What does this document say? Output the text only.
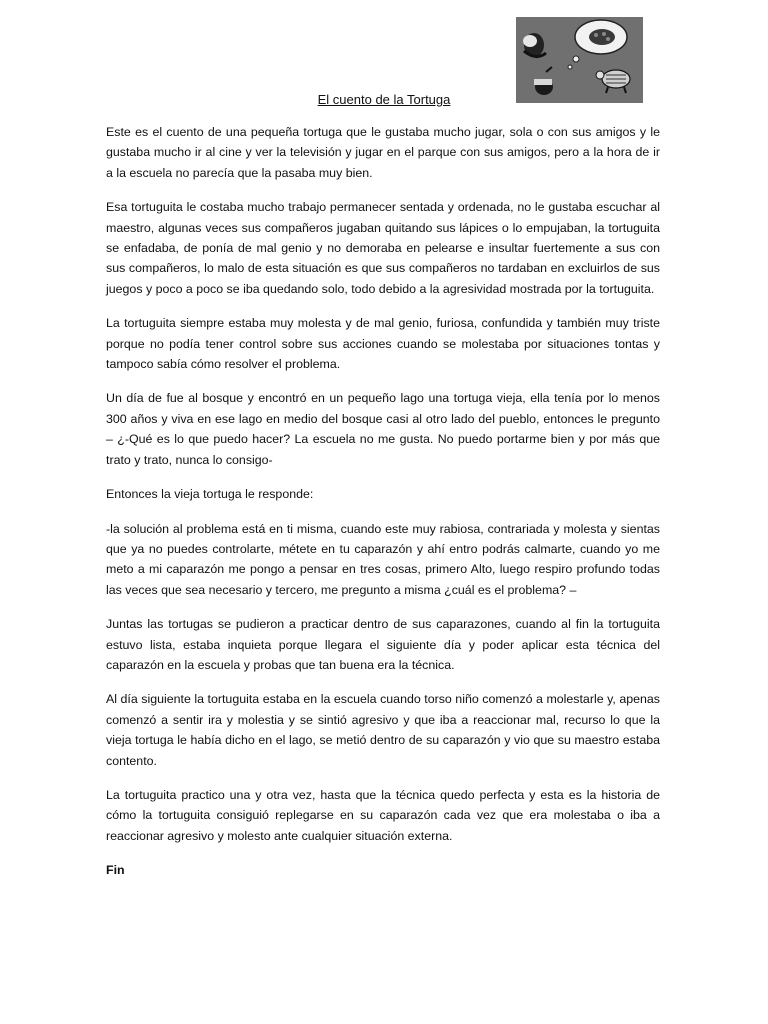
El cuento de la Tortuga

Este es el cuento de una pequeña tortuga que le gustaba mucho jugar, sola o con sus amigos y le gustaba mucho ir al cine y ver la televisión y jugar en el parque con sus amigos, pero a la hora de ir a la escuela no parecía que la pasaba muy bien.

Esa tortuguita le costaba mucho trabajo permanecer sentada y ordenada, no le gustaba escuchar al maestro, algunas veces sus compañeros jugaban quitando sus lápices o lo empujaban, la tortuguita se enfadaba, de ponía de mal genio y no demoraba en pelearse e insultar fuertemente a sus con sus compañeros, lo malo de esta situación es que sus compañeros no tardaban en excluirlos de sus juegos y poco a poco se iba quedando solo, todo debido a la agresividad mostrada por la tortuguita.

La tortuguita siempre estaba muy molesta y de mal genio, furiosa, confundida y también muy triste porque no podía tener control sobre sus acciones cuando se molestaba por situaciones tontas y tampoco sabía cómo resolver el problema.

Un día de fue al bosque y encontró en un pequeño lago una tortuga vieja, ella tenía por lo menos 300 años y viva en ese lago en medio del bosque casi al otro lado del pueblo, entonces le pregunto – ¿-Qué es lo que puedo hacer? La escuela no me gusta. No puedo portarme bien y por más que trato y trato, nunca lo consigo-

Entonces la vieja tortuga le responde:

-la solución al problema está en ti misma, cuando este muy rabiosa, contrariada y molesta y sientas que ya no puedes controlarte, métete en tu caparazón y ahí entro podrás calmarte, cuando yo me meto a mi caparazón me pongo a pensar en tres cosas, primero Alto, luego respiro profundo todas las veces que sea necesario y tercero, me pregunto a misma ¿cuál es el problema? –

Juntas las tortugas se pudieron a practicar dentro de sus caparazones, cuando al fin la tortuguita estuvo lista, estaba inquieta porque llegara el siguiente día y poder aplicar esta técnica del caparazón en la escuela y probas que tan buena era la técnica.

Al día siguiente la tortuguita estaba en la escuela cuando torso niño comenzó a molestarle y, apenas comenzó a sentir ira y molestia y se sintió agresivo y que iba a reaccionar mal, recurso lo que la vieja tortuga le había dicho en el lago, se metió dentro de su caparazón y vio que su maestro estaba contento.

La tortuguita practico una y otra vez, hasta que la técnica quedo perfecta y esta es la historia de cómo la tortuguita consiguió replegarse en su caparazón cada vez que era molestaba o iba a reaccionar agresivo y molesto ante cualquier situación externa.

Fin
